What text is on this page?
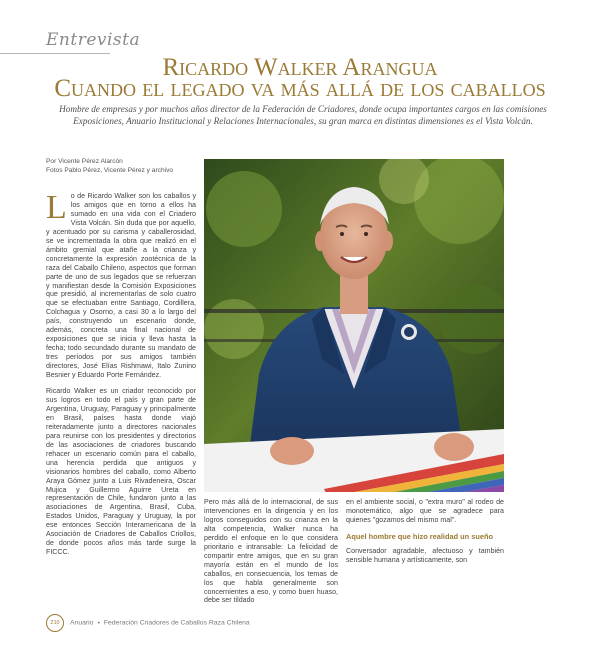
Entrevista
Ricardo Walker Arangua
Cuando el legado va más allá de los caballos
Hombre de empresas y por muchos años director de la Federación de Criadores, donde ocupa importantes cargos en las comisiones Exposiciones, Anuario Institucional y Relaciones Internacionales, su gran marca en distintas dimensiones es el Vista Volcán.
Por Vicente Pérez Alarcón
Fotos Pablo Pérez, Vicente Pérez y archivo

Lo de Ricardo Walker son los caballos y los amigos que en torno a ellos ha sumado en una vida con el Criadero Vista Volcán. Sin duda que por aquello, y acentuado por su carisma y caballerosidad, se ve incrementada la obra que realizó en el ámbito gremial que atañe a la crianza y concretamente la expresión zootécnica de la raza del Caballo Chileno, aspectos que forman parte de uno de sus legados que se refuerzan y manifiestan desde la Comisión Exposiciones que presidió, al incrementarlas de solo cuatro que se efectuaban entre Santiago, Cordillera, Colchagua y Osorno, a casi 30 a lo largo del país, construyendo un escenario donde, además, concreta una final nacional de exposiciones que se inicia y lleva hasta la fecha; todo secundado durante su mandato de tres períodos por sus amigos también directores, José Elías Rishmawi, Italo Zunino Besnier y Eduardo Porte Fernández.

Ricardo Walker es un criador reconocido por sus logros en todo el país y gran parte de Argentina, Uruguay, Paraguay y principalmente en Brasil, países hasta donde viajó reiteradamente junto a directores nacionales para reunirse con los presidentes y directorios de las asociaciones de criadores buscando rehacer un escenario común para el caballo, una herencia perdida que antiguos y visionarios hombres del caballo, como Alberto Araya Gómez junto a Luis Rivadeneira, Oscar Mujica y Guillermo Aguirre Ureta en representación de Chile, fundaron junto a las asociaciones de Argentina, Brasil, Cuba, Estados Unidos, Paraguay y Uruguay, la por ese entonces Sección Interamericana de la Asociación de Criadores de Caballos Criollos, de donde pocos años más tarde surge la FICCC.

Pero más allá de lo internacional, de sus intervenciones en la dirigencia y en los logros conseguidos con su crianza en la alta competencia, Walker nunca ha perdido el enfoque en lo que considera prioritario e intransable: La felicidad de compartir entre amigos, que en su gran mayoría están en el mundo de los caballos, en consecuencia, los temas de los que habla generalmente son concernientes a eso, y como buen huaso, debe ser tildado

en el ambiente social, o "extra muro" al rodeo de monotemático, algo que se agradece para quienes "gozamos del mismo mal".

Aquel hombre que hizo realidad un sueño

Conversador agradable, afectuoso y también sensible humana y artísticamente, son

210 Anuario • Federación Criadores de Caballos Raza Chilena
